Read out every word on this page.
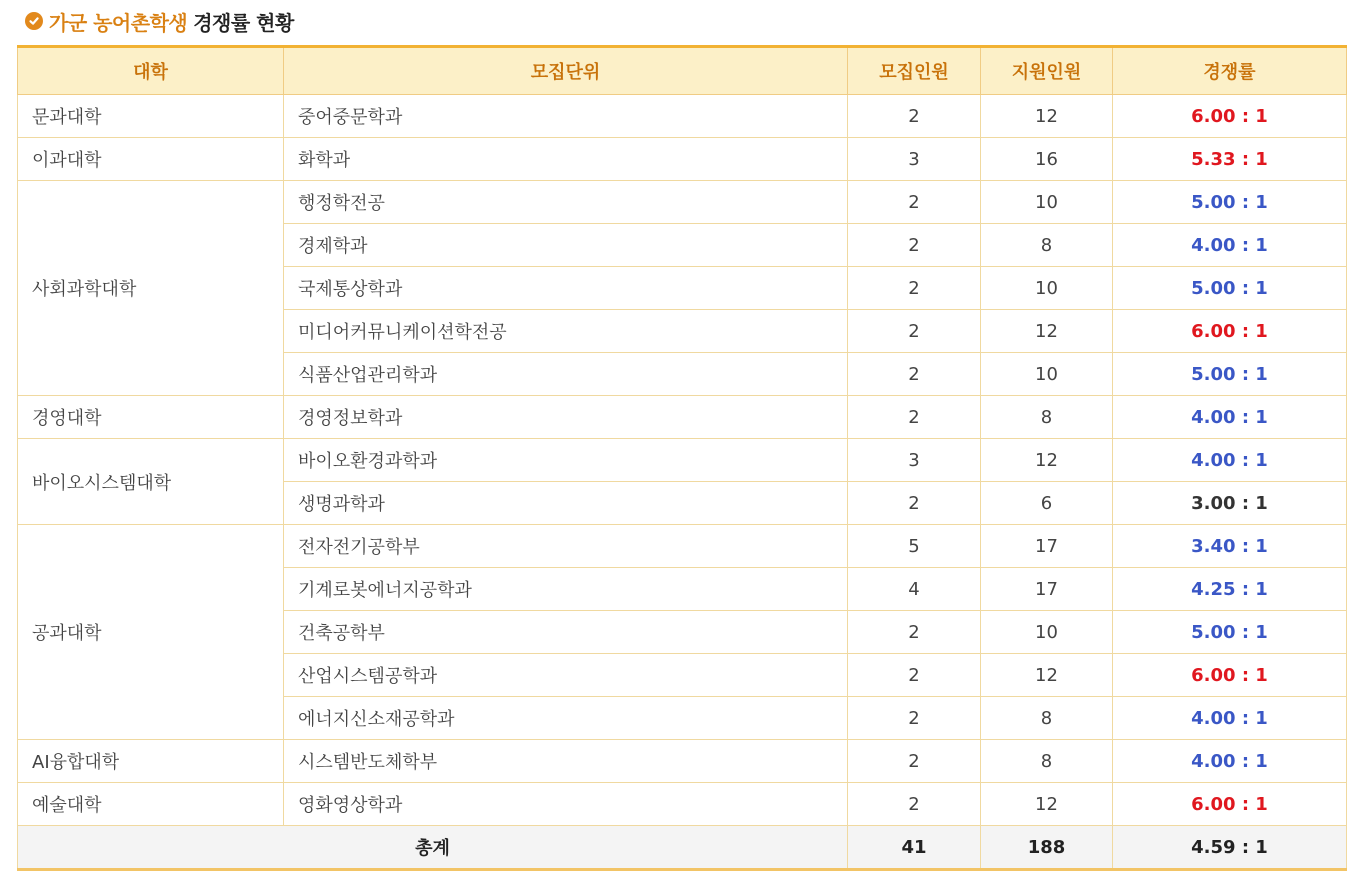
가군 농어촌학생 경쟁률 현황
대학	모집단위	모집인원	지원인원	경쟁률
문과대학	중어중문학과	2	12	6.00 : 1
이과대학	화학과	3	16	5.33 : 1
사회과학대학	행정학전공	2	10	5.00 : 1
	경제학과	2	8	4.00 : 1
	국제통상학과	2	10	5.00 : 1
	미디어커뮤니케이션학전공	2	12	6.00 : 1
	식품산업관리학과	2	10	5.00 : 1
경영대학	경영정보학과	2	8	4.00 : 1
바이오시스템대학	바이오환경과학과	3	12	4.00 : 1
	생명과학과	2	6	3.00 : 1
공과대학	전자전기공학부	5	17	3.40 : 1
	기계로봇에너지공학과	4	17	4.25 : 1
	건축공학부	2	10	5.00 : 1
	산업시스템공학과	2	12	6.00 : 1
	에너지신소재공학과	2	8	4.00 : 1
AI융합대학	시스템반도체학부	2	8	4.00 : 1
예술대학	영화영상학과	2	12	6.00 : 1
총계		41	188	4.59 : 1
